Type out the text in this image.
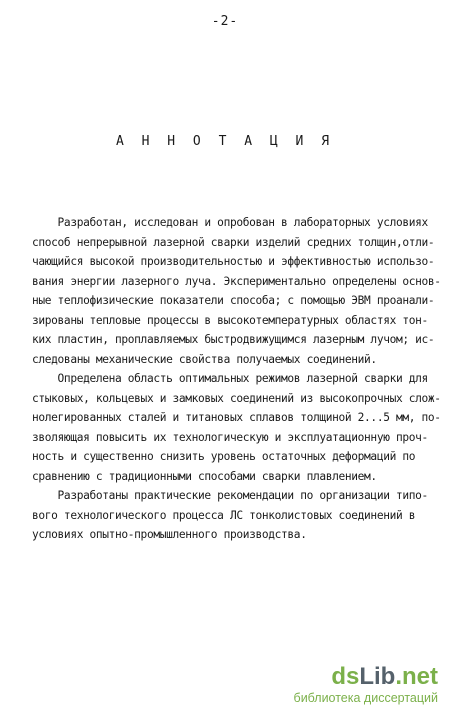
-2-
А Н Н О Т А Ц И Я
Разработан, исследован и опробован в лабораторных условиях
способ непрерывной лазерной сварки изделий средних толщин,отли-
чающийся высокой производительностью и эффективностью использо-
вания энергии лазерного луча. Экспериментально определены основ-
ные теплофизические показатели способа; с помощью ЭВМ проанали-
зированы тепловые процессы в высокотемпературных областях тон-
ких пластин, проплавляемых быстродвижущимся лазерным лучом; ис-
следованы механические свойства получаемых соединений.
Определена область оптимальных режимов лазерной сварки для
стыковых, кольцевых и замковых соединений из высокопрочных слож-
нолегированных сталей и титановых сплавов толщиной 2...5 мм, по-
зволяющая повысить их технологическую и эксплуатационную проч-
ность и существенно снизить уровень остаточных деформаций по
сравнению с традиционными способами сварки плавлением.
Разработаны практические рекомендации по организации типо-
вого технологического процесса ЛС тонколистовых соединений в
условиях опытно-промышленного производства.
dsLib.net
библиотека диссертаций
